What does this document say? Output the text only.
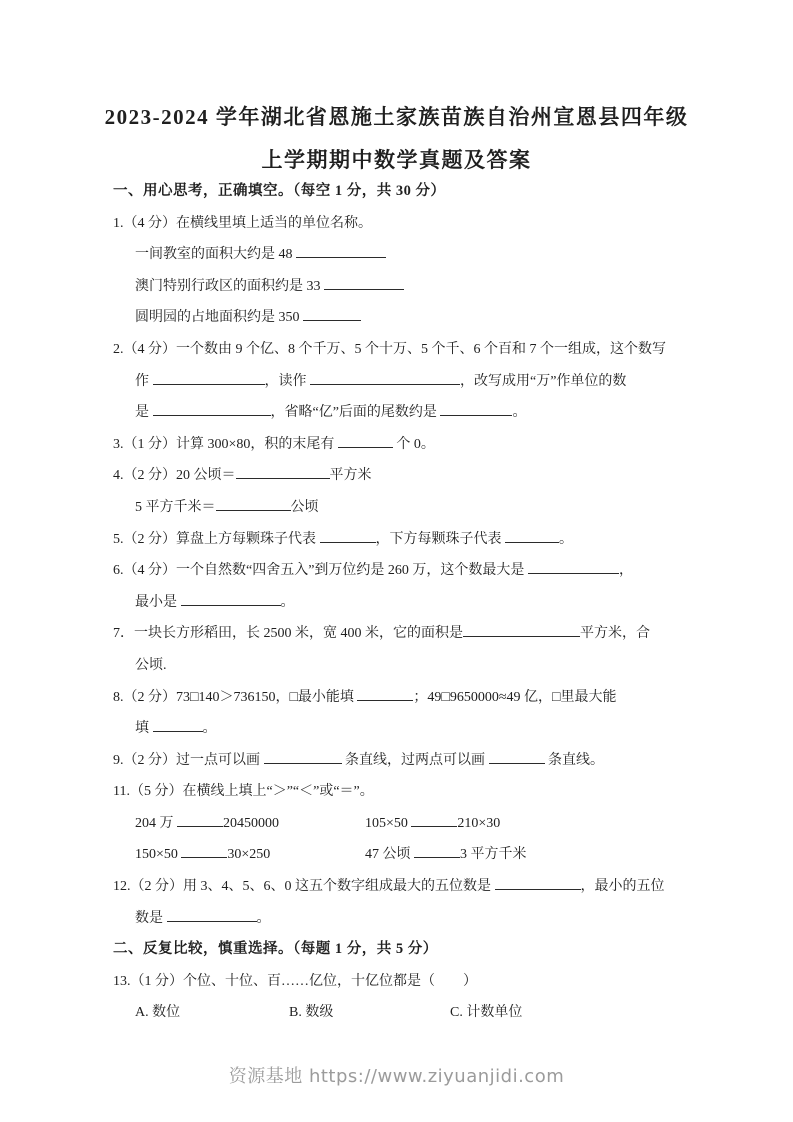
2023-2024 学年湖北省恩施土家族苗族自治州宣恩县四年级
上学期期中数学真题及答案
一、用心思考，正确填空。（每空 1 分，共 30 分）
1.（4 分）在横线里填上适当的单位名称。
一间教室的面积大约是 48
澳门特别行政区的面积约是 33
圆明园的占地面积约是 350
2.（4 分）一个数由 9 个亿、8 个千万、5 个十万、5 个千、6 个百和 7 个一组成，这个数写
作	，读作	，改写成用“万”作单位的数
是	，省略“亿”后面的尾数约是	。
3.（1 分）计算 300×80，积的末尾有	个 0。
4.（2 分）20 公顷＝	平方米
5 平方千米＝	公顷
5.（2 分）算盘上方每颗珠子代表	，下方每颗珠子代表	。
6.（4 分）一个自然数“四舍五入”到万位约是 260 万，这个数最大是	，
最小是	。
7．一块长方形稻田，长 2500 米，宽 400 米，它的面积是	平方米，合
公顷.
8.（2 分）73□140＞736150，□最小能填	；49□9650000≈49 亿，□里最大能
填	。
9.（2 分）过一点可以画	条直线，过两点可以画	条直线。
11.（5 分）在横线上填上“＞”“＜”或“＝”。
204 万	20450000	105×50	210×30
150×50	30×250	47 公顷	3 平方千米
12.（2 分）用 3、4、5、6、0 这五个数字组成最大的五位数是	，最小的五位
数是	。
二、反复比较，慎重选择。（每题 1 分，共 5 分）
13.（1 分）个位、十位、百……亿位，十亿位都是（　　）
A. 数位	B. 数级	C. 计数单位
资源基地 https://www.ziyuanjidi.com
